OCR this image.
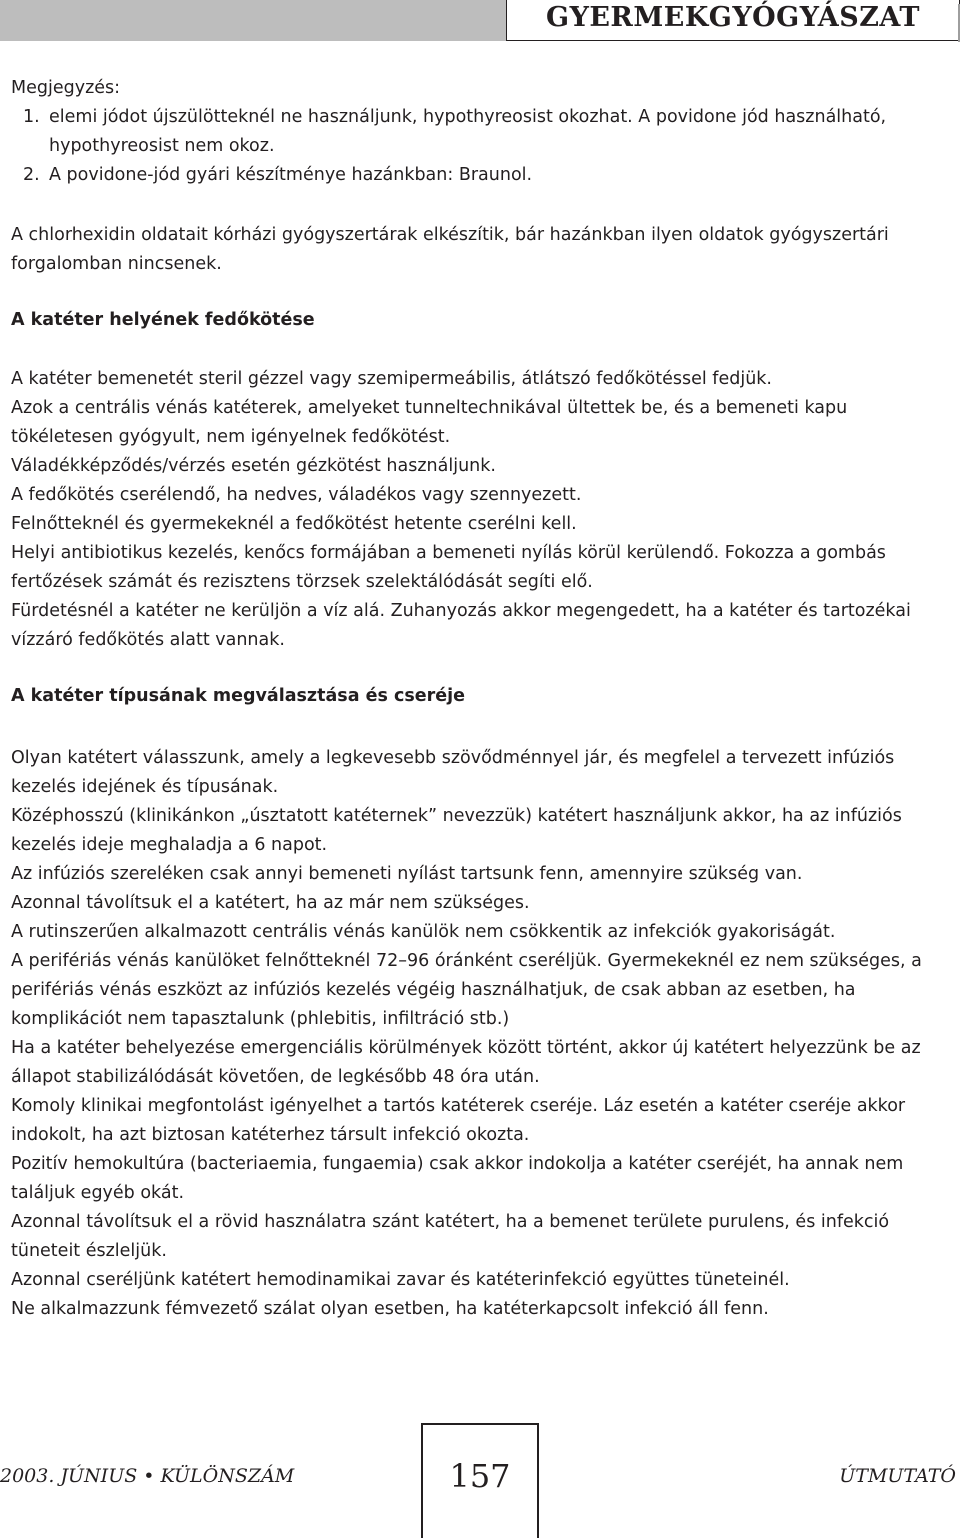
GYERMEKGYÓGYÁSZAT

Megjegyzés:

1. elemi jódot újszülötteknél ne használjunk, hypothyreosist okozhat. A povidone jód használható, hypothyreosist nem okoz.
2. A povidone-jód gyári készítménye hazánkban: Braunol.

A chlorhexidin oldatait kórházi gyógyszertárak elkészítik, bár hazánkban ilyen oldatok gyógyszertári forgalomban nincsenek.

A katéter helyének fedőkötése

A katéter bemenetét steril gézzel vagy szemipermeábilis, átlátszó fedőkötéssel fedjük.

Azok a centrális vénás katéterek, amelyeket tunneltechnikával ültettek be, és a bemeneti kapu tökéletesen gyógyult, nem igényelnek fedőkötést.

Váladékképződés/vérzés esetén gézkötést használjunk.

A fedőkötés cserélendő, ha nedves, váladékos vagy szennyezett.

Felnőtteknél és gyermekeknél a fedőkötést hetente cserélni kell.

Helyi antibiotikus kezelés, kenőcs formájában a bemeneti nyílás körül kerülendő. Fokozza a gombás fertőzések számát és rezisztens törzsek szelektálódását segíti elő.

Fürdetésnél a katéter ne kerüljön a víz alá. Zuhanyozás akkor megengedett, ha a katéter és tartozékai vízzáró fedőkötés alatt vannak.

A katéter típusának megválasztása és cseréje

Olyan katétert válasszunk, amely a legkevesebb szövődménnyel jár, és megfelel a tervezett infúziós kezelés idejének és típusának.

Középhosszú (klinikánkon „úsztatott katéternek” nevezzük) katétert használjunk akkor, ha az infúziós kezelés ideje meghaladja a 6 napot.

Az infúziós szereléken csak annyi bemeneti nyílást tartsunk fenn, amennyire szükség van.

Azonnal távolítsuk el a katétert, ha az már nem szükséges.

A rutinszerűen alkalmazott centrális vénás kanülök nem csökkentik az infekciók gyakoriságát.

A perifériás vénás kanülöket felnőtteknél 72–96 óránként cseréljük. Gyermekeknél ez nem szükséges, a perifériás vénás eszközt az infúziós kezelés végéig használhatjuk, de csak abban az esetben, ha komplikációt nem tapasztalunk (phlebitis, infiltráció stb.)

Ha a katéter behelyezése emergenciális körülmények között történt, akkor új katétert helyezzünk be az állapot stabilizálódását követően, de legkésőbb 48 óra után.

Komoly klinikai megfontolást igényelhet a tartós katéterek cseréje. Láz esetén a katéter cseréje akkor indokolt, ha azt biztosan katéterhez társult infekció okozta.

Pozitív hemokultúra (bacteriaemia, fungaemia) csak akkor indokolja a katéter cseréjét, ha annak nem találjuk egyéb okát.

Azonnal távolítsuk el a rövid használatra szánt katétert, ha a bemenet területe purulens, és infekció tüneteit észleljük.

Azonnal cseréljünk katétert hemodinamikai zavar és katéterinfekció együttes tüneteinél.

Ne alkalmazzunk fémvezető szálat olyan esetben, ha katéterkapcsolt infekció áll fenn.

2003. JÚNIUS • KÜLÖNSZÁM	157	ÚTMUTATÓ
